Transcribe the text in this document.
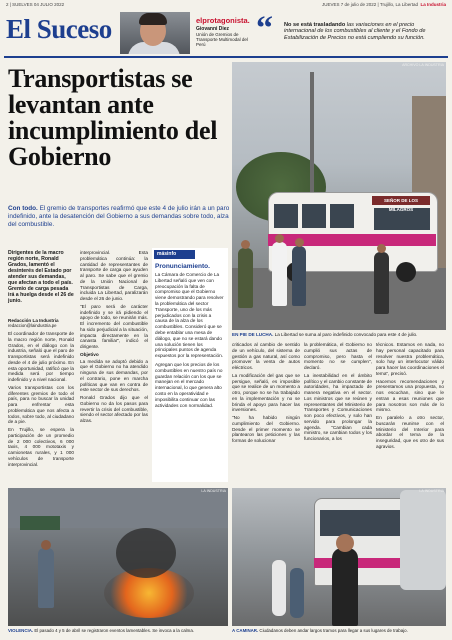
2 | SUELVES 04 JULIO 2022	JUEVES 7 de julio de 2022 | Trujillo, La Libertad La Industria
El Suceso	elprotagonista.
Giovanni Diez
Unión de Gremios de Transporte Multimodal del Perú	“ No se está trasladando las variaciones en el precio internacional de los combustibles al cliente y el Fondo de Estabilización de Precios no está cumpliendo su función.
Transportistas se levantan ante incumplimiento del Gobierno
SEÑOR DE LOS MILAGROS
ARCHIVO LA INDUSTRIA
EN PIE DE LUCHA. La Libertad se suma al paro indefinido convocado para este 4 de julio.
Con todo. El gremio de transportes reafirmó que este 4 de julio irán a un paro indefinido, ante la desatención del Gobierno a sus demandas sobre todo, alza del combustible.
Dirigentes de la macro región norte, Ronald Grados, lamentó el desinterés del Estado por atender sus demandas, que afectan a todo el país. Gremio de carga pesada irá a huelga desde el 26 de junio.
Redacción La Industria
redaccion@laindustria.pe

El coordinador de transporte de la macro región norte, Ronald Grados, en el diálogo con la industria, señaló que el paro de transportistas será indefinido desde el 4 de julio próximo. En esta oportunidad, ratificó que la medida será por tiempo indefinido y a nivel nacional.

Varios transportistas con los diferentes gremios de todo el país, para no buscar la unidad para enfrentar esta problemática que nos afecta a todos, sobre todo, al ciudadano de a pie.

En Trujillo, se espera la participación de un promedio de 2 000 colectivos, 6 000 taxis, 4 000 mototaxis y camionetas rurales, y 1 000 vehículos de transporte interprovincial.

interprovincial. Esta problemática continúa: la cantidad de representantes de transporte de carga que ayuden al paro. Se sabe que el gremio de la Unión Nacional de Transportistas de Carga, incluida La Libertad, paralizarán desde el 26 de junio.

"El paro será de carácter indefinido y se irá pidiendo el apoyo de todo, se reunirán más. El incremento del combustible ha sido perjudicial a la situación, impacta directamente en la canasta familiar", indicó el dirigente.

Objetivo

La medida se adoptó debido a que el Gobierno no ha atendido ninguna de sus demandas, por el contrario, pone en marcha políticas que van en contra de este sector de sus derechos.

Ronald Grados dijo que el Gobierno no da los pasos para revertir la crisis del combustible, siendo el sector afectado por las alzas.

másinfo
Pronunciamiento.

La Cámara de Comercio de La Libertad señaló que ven con preocupación la falta de compromiso que el Gobierno viene demostrando para resolver la problemática del sector Transporte, uno de los más perjudicados con la crisis a causa de la alza de los combustibles. Consideró que se debe entablar una mesa de diálogo, que no se estará dando una solución tienen los principales puntos de agenda expuestos por la representación.

Agregan que los precios de los combustibles en nuestro país no guardan relación con los que se manejan en el mercado internacional, lo que genera alto costo en la operatividad e imposibilita continuar con las actividades con normalidad.

criticados al cambio de sentido de un vehículo, del sistema de gestión a gas natural, así como promover la venta de autos eléctricos.

La modificación del gas que se persigue, señaló, es imposible que se realice de un momento a otro, porque no se ha trabajado en la implementación y no se brinda el apoyo para hacer las inversiones.

"No ha habido ningún cumplimiento del Gobierno. Desde el primer momento se plantearon las peticiones y las formas de solucionar

la problemática, el Gobierno no cumplió sus actas de compromiso, pero hasta el momento no se cumplen", declaró.

La inestabilidad en el ámbito político y el cambio constante de autoridades, ha impactado de manera negativa en el sector. Los ministros que se reúnen y representantes del Ministerio de Transportes y Comunicaciones son poco efectivos, y solo han servido para prolongar la agenda. "Cambian cada ministro, se cambian todos y los funcionarios, a los

técnicos. Estamos en nada, no hay personal capacitado para resolver nuestra problemática, solo hay un interlocutor válido para hacer las coordinaciones el tema", precisó.

Hacemos recomendaciones y presentamos una propuesta, no nos escuchan, sino que le entran a esas reuniones que para nosotros son más de lo mismo.

En paralelo a otro sector, buscarán reunirse con el Ministerio del Interior para abordar el tema de la inseguridad, que es otro de sus agravios.

LA INDUSTRIA	LA INDUSTRIA
VIOLENCIA. El pasado 4 y 5 de abril se registraron eventos lamentables. Se invoca a la calma.	A CAMINAR. Ciudadanos deben andar largos tramos para llegar a sus lugares de trabajo.
